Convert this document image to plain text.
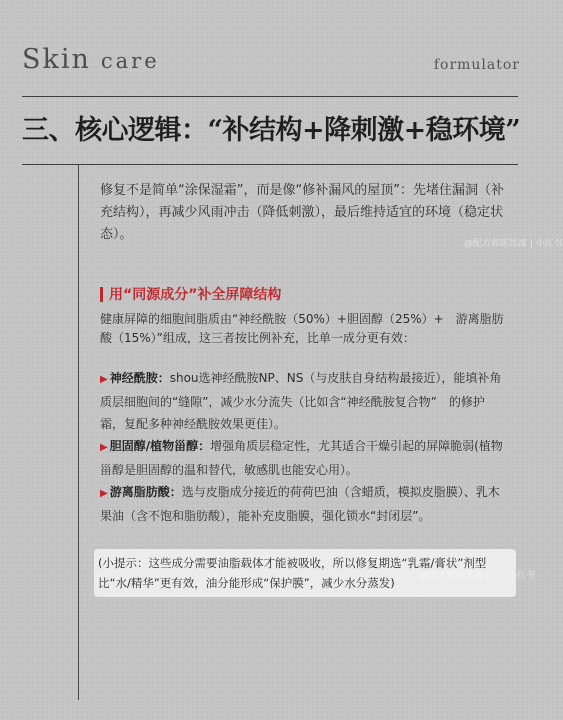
Skin care	formulator
三、核心逻辑：“补结构+降刺激+稳环境”

修复不是简单“涂保湿霜”，而是像“修补漏风的屋顶”：先堵住漏洞（补充结构），再减少风雨冲击（降低刺激），最后维持适宜的环境（稳定状态）。

用“同源成分”补全屏障结构
健康屏障的细胞间脂质由“神经酰胺（50%）+胆固醇（25%）+　游离脂肪酸（15%）”组成，这三者按比例补充，比单一成分更有效：
▶ 神经酰胺：shou选神经酰胺NP、NS（与皮肤自身结构最接近），能填补角质层细胞间的“缝隙”，减少水分流失（比如含“神经酰胺复合物”　的修护霜，复配多种神经酰胺效果更佳）。
▶ 胆固醇/植物甾醇：增强角质层稳定性，尤其适合干燥引起的屏障脆弱(植物甾醇是胆固醇的温和替代，敏感肌也能安心用）。
▶ 游离脂肪酸：选与皮脂成分接近的荷荷巴油（含蜡质，模拟皮脂膜）、乳木果油（含不饱和脂肪酸），能补充皮脂膜，强化锁水“封闭层”。
(小提示：这些成分需要油脂载体才能被吸收，所以修复期选“乳霜/膏状”剂型比“水/精华”更有效，油分能形成“保护膜”，减少水分蒸发)
@配方师陈思潼 | 小红书
@配方师陈思潼 | 小红书
